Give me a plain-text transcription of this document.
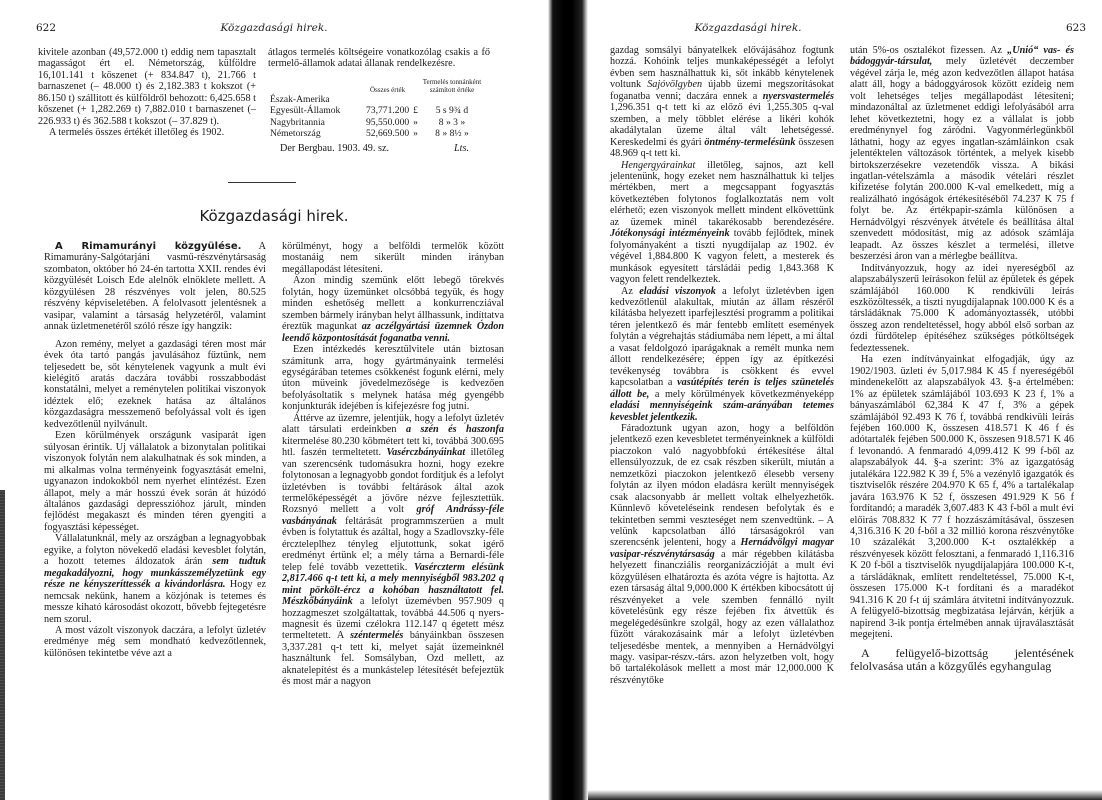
622	Közgazdasági hirek.

kivitele azonban (49,572.000 t) eddig nem tapasztalt magasságot ért el. Németország, külföldre 16,101.141 t köszenet (+ 834.847 t), 21.766 t barnaszenet (– 48.000 t) és 2,182.383 t kokszot (+ 86.150 t) szállitott és külföldről behozott: 6,425.658 t kőszenet (+ 1,282.269 t) 7,882.010 t barnaszenet (– 226.933 t) és 362.588 t kokszot (– 37.829 t).

A termelés összes értékét illetőleg és 1902.

átlagos termelés költségeire vonatkozólag csakis a fő termelő-államok adatai állanak rendelkezésre.

	Összes érték		Termelés tonnánként számított értéke
Észak-Amerika Egyesült-Államok	73,771.200	£	5 s 9¾ d
Nagybritannia	95,550.000	»	8 » 3 »
Németország	52,669.500	»	8 » 8½ »
Der Bergbau. 1903. 49. sz.	Lts.
Közgazdasági hirek.

A Rimamurányi közgyülése. A Rimamurány-Salgótarjáni vasmű-részvénytársaság szombaton, október hó 24-én tartotta XXII. rendes évi közgyülését Loisch Ede alelnök elnöklete mellett. A közgyülésen 28 részvényes volt jelen, 80.525 részvény képviseletében. A felolvasott jelentésnek a vasipar, valamint a társaság helyzetéről, valamint annak üzletmenetéről szóló része így hangzik:

Azon remény, melyet a gazdasági téren most már évek óta tartó pangás javulásához fűztünk, nem teljesedett be, sőt kénytelenek vagyunk a mult évi kielégitő aratás daczára további rosszabbodást konstatálni, melyet a reménytelen politikai viszonyok idéztek elő; ezeknek hatása az általános közgazdaságra messzemenő befolyással volt és igen kedvezőtlenül nyilvánult.

Ezen körülmények országunk vasiparát igen súlyosan érintik. Uj vállalatok a bizonytalan politikai viszonyok folytán nem alakulhatnak és sok minden, a mi alkalmas volna terményeink fogyasztását emelni, ugyanazon indokokból nem nyerhet elintézést. Ezen állapot, mely a már hosszú évek során át húzódó általános gazdasági depresszióhoz járult, minden fejlődést megakaszt és minden téren gyengiti a fogyasztási képességet.

Vállalatunknál, mely az országban a legnagyobbak egyike, a folyton növekedő eladási kevesblet folytán, a hozott tetemes áldozatok árán sem tudtuk megakadályozni, hogy munkásszemélyzetünk egy része ne kényszeríttessék a kivándorlásra. Hogy ez nemcsak nekünk, hanem a közjónak is tetemes és messze kiható károsodást okozott, bővebb fejtegetésre nem szorul.

A most vázolt viszonyok daczára, a lefolyt üzletév eredménye még sem mondható kedvezőtlennek, különösen tekintetbe véve azt a

körülményt, hogy a belföldi termelők között mostanáig nem sikerült minden irányban megállapodást létesíteni.

Azon mindig szemünk előtt lebegő törekvés folytán, hogy üzemünket olcsóbbá tegyük, és hogy minden eshetőség mellett a konkurrencziával szemben bármely irányban helyt állhassunk, indíttatva éreztük magunkat az aczélgyártási üzemnek Ózdon leendő központosítását foganatba venni.

Ezen intézkedés keresztülvitele után biztosan számitunk arra, hogy gyártmányaink termelési egységárában tetemes csökkenést fogunk elérni, mely úton müveink jövedelmezősége is kedvezően befolyásoltatik s melynek hatása még gyengébb konjunkturák idejében is kifejezésre fog jutni.

Áttérve az üzemre, jelentjük, hogy a lefolyt üzletév alatt társulati erdeinkben a szén és haszonfa kitermelése 80.230 köbmétert tett ki, továbbá 300.695 htl. faszén termeltetett. Vasérczbányáinkat illetőleg van szerencsénk tudomásukra hozni, hogy ezekre folytonosan a legnagyobb gondot fordítjuk és a lefolyt üzletévben is további feltárások által azok termelőképességét a jövőre nézve fejlesztettük. Rozsnyó mellett a volt gróf Andrássy-féle vasbányának feltárását programmszerüen a mult évben is folytattuk és azáltal, hogy a Szadlovszky-féle érczteleplhez tényleg eljutottunk, sokat igérő eredményt értünk el; a mély tárna a Bernardi-féle telep felé tovább vezettetik. Vasérczterm elésünk 2,817.466 q-t tett ki, a mely mennyiségből 983.202 q mint pörkölt-ércz a kohóban használtatott fel. Mészkőbányáink a lefolyt üzemévben 957.909 q hozzagmeszet szolgáltattak, továbbá 44.506 q nyers-magnesit és üzemi czélokra 112.147 q égetett mész termeltetett. A széntermelés bányáinkban összesen 3,337.281 q-t tett ki, melyet saját üzemeinknél használtunk fel. Somsályban, Ozd mellett, az aknatelepítést és a munkástelep létesítését befejeztük és most már a nagyon

Közgazdasági hirek.	623

gazdag somsályi bányatelkek elővájásához fogtunk hozzá. Kohóink teljes munkaképességét a lefolyt évben sem használhattuk ki, sőt inkább kénytelenek voltunk Sajóvölgyben újabb üzemi megszorításokat foganatba venni; daczára ennek a nyersvastermelés 1,296.351 q-t tett ki az előző évi 1,255.305 q-val szemben, a mely többlet elérése a likéri kohók akadálytalan üzeme által vált lehetségessé. Kereskedelmi és gyári öntmény-termelésünk összesen 48.969 q-t tett ki.

Hengergyárainkat illetőleg, sajnos, azt kell jelentenünk, hogy ezeket nem használhattuk ki teljes mértékben, mert a megcsappant fogyasztás következtében folytonos foglalkoztatás nem volt elérhető; ezen viszonyok mellett mindent elkövettünk az üzemek minél takarékosabb berendezésére. Jótékonysági intézményeink tovább fejlődtek, minek folyományaként a tiszti nyugdíjalap az 1902. év végével 1,884.800 K vagyon felett, a mesterek és munkások egyesített társládái pedig 1,843.368 K vagyon felett rendelkeztek.

Az eladási viszonyok a lefolyt üzletévben igen kedvezőtlenül alakultak, miután az állam részéről kilátásba helyezett iparfejlesztési programm a politikai téren jelentkező és már fentebb említett események folytán a végrehajtás stádiumába nem lépett, a mi által a vasat feldolgozó iparágaknak a remélt munka nem állott rendelkezésére; éppen így az építkezési tevékenység továbbra is csökkent és evvel kapcsolatban a vasútépítés terén is teljes szünetelés állott be, a mely körülmények következményeképp eladási mennyiségeink szám-arányában tetemes kevesblet jelentkezik.

Fáradoztunk ugyan azon, hogy a belföldön jelentkező ezen kevesbletet terményeinknek a külföldi piaczokon való nagyobbfokú értékesítése által ellensúlyozzuk, de ez csak részben sikerült, miután a nemzetközi piaczokon jelentkező élesebb verseny folytán az ilyen módon eladásra került mennyiségek csak alacsonyabb ár mellett voltak elhelyezhetők. Künnlevő követeléseink rendesen befolytak és e tekintetben semmi veszteséget nem szenvedtünk. – A velünk kapcsolatban álló társaságokról van szerencsénk jelenteni, hogy a Hernádvölgyi magyar vasipar-részvénytársaság a már régebben kilátásba helyezett financziális reorganizáczióját a mult évi közgyülésen elhatározta és azóta végre is hajtotta. Az ezen társaság által 9,000.000 K értékben kibocsátott új részvényeket a vele szemben fennálló nyilt követelésünk egy része fejében fix átvettük és megelégedésünkre szolgál, hogy az ezen vállalathoz fűzött várakozásaink már a lefolyt üzletévben teljesedésbe mentek, a mennyiben a Hernádvölgyi magy. vasipar-részv.-társ. azon helyzetben volt, hogy bő tartalékolások mellett a most már 12,000.000 K részvénytőke

után 5%-os osztalékot fizessen. Az „Unió“ vas- és bádoggyár-társulat, mely üzletévét deczember végével zárja le, még azon kedvezőtlen állapot hatása alatt áll, hogy a bádoggyárosok között ezideig nem volt lehetséges teljes megállapodást létesíteni; mindazonáltal az üzletmenet eddigi lefolyásából arra lehet következtetni, hogy ez a vállalat is jobb eredménynyel fog záródni. Vagyonmérlegünkből láthatni, hogy az egyes ingatlan-számláinkon csak jelentéktelen változások történtek, a melyek kisebb birtokszerzésekre vezetendők vissza. A bikási ingatlan-vételszámla a második vételári részlet kifizetése folytán 200.000 K-val emelkedett, míg a realizálható ingóságok értékesítéséből 74.237 K 75 f folyt be. Az értékpapir-számla különösen a Hernádvölgyi részvények átvétele és beállítása által szenvedett módosítást, míg az adósok számlája leapadt. Az összes készlet a termelési, illetve beszerzési áron van a mérlegbe beállítva.

Indítványozzuk, hogy az idei nyereségből az alapszabályszerű leírásokon felül az épületek és gépek számlájából 160.000 K rendkivüli leírás eszközöltessék, a tiszti nyugdíjalapnak 100.000 K és a társládáknak 75.000 K adományoztassék, utóbbi összeg azon rendeltetéssel, hogy abból első sorban az ózdi fürdőtelep építéséhez szükséges pótköltségek fedeztessenek.

Ha ezen indítványainkat elfogadják, úgy az 1902/1903. üzleti év 5,017.984 K 45 f nyereségéből mindenekelőtt az alapszabályok 43. §-a értelmében: 1% az épületek számlájából 103.693 K 23 f, 1% a bányaszámlából 62,384 K 47 f, 3% a gépek számlájából 92.493 K 76 f, továbbá rendkivüli leírás fejében 160.000 K, összesen 418.571 K 46 f és adótartalék fejében 500.000 K, összesen 918.571 K 46 f levonandó. A fenmaradó 4,099.412 K 99 f-ből az alapszabályok 44. §-a szerint: 3% az igazgatóság jutalékára 122.982 K 39 f, 5% a vezénylő igazgatók és tisztviselők részére 204.970 K 65 f, 4% a tartalékalap javára 163.976 K 52 f, összesen 491.929 K 56 f fordítandó; a maradék 3,607.483 K 43 f-ből a mult évi előirás 708.832 K 77 f hozzászámításával, összesen 4,316.316 K 20 f-ből a 32 millió korona részvénytőke 10 százalékát 3,200.000 K-t osztalékkép a részvényesek között felosztani, a fenmaradó 1,116.316 K 20 f-ből a tisztviselők nyugdíjalapjára 100.000 K-t, a társládáknak, említett rendeltetéssel, 75.000 K-t, összesen 175.000 K-t fordítani és a maradékot 941.316 K 20 f-t új számlára átvitetni indítványozzuk. A felügyelő-bizottság megbizatása lejárván, kérjük a napirend 3-ik pontja értelmében annak újraválasztását megejteni.

A felügyelő-bizottság jelentésének felolvasása után a közgyűlés egyhangulag
